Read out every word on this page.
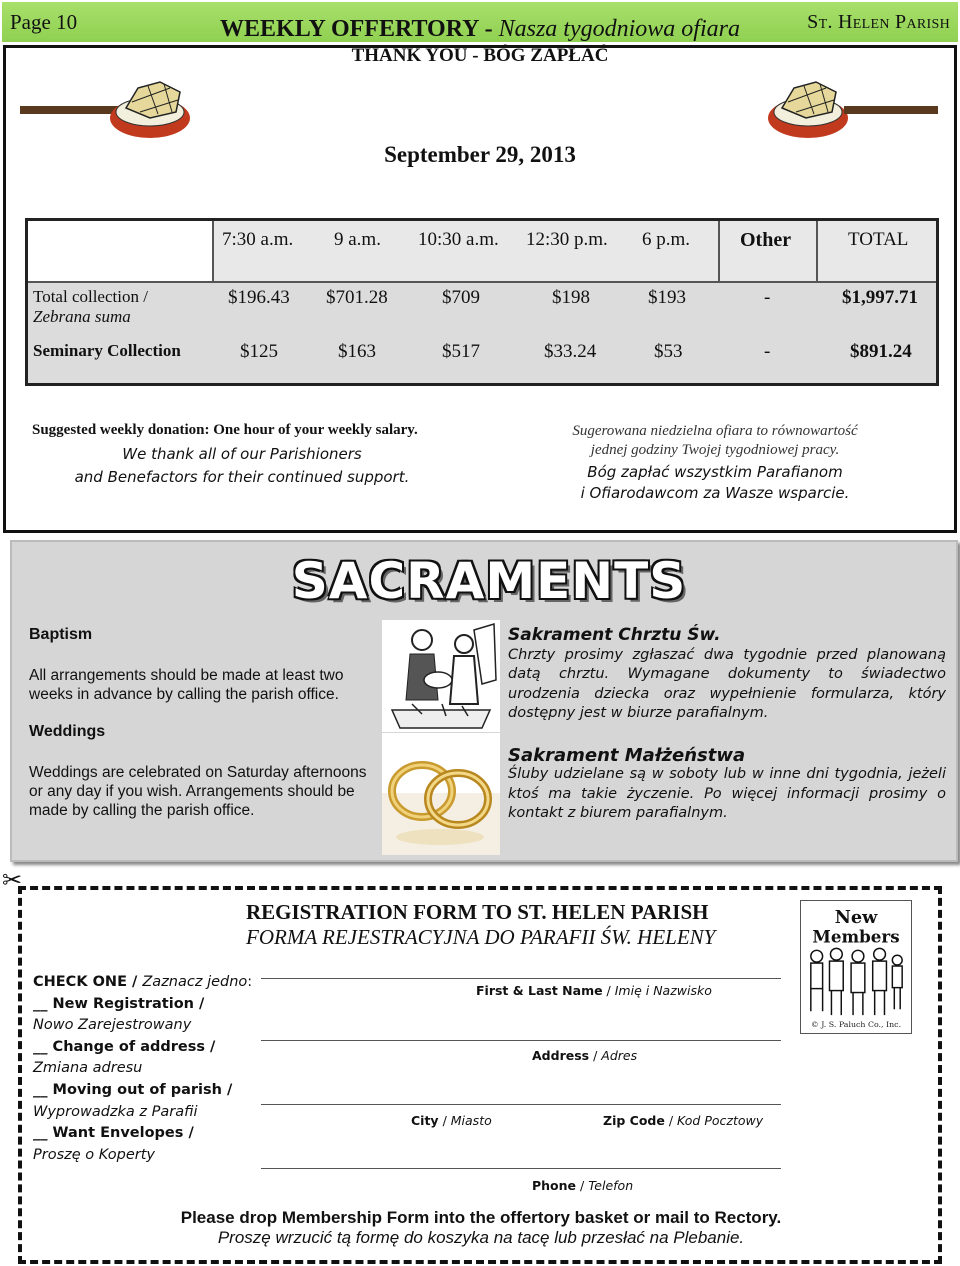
Page 10	St. Helen Parish
WEEKLY OFFERTORY - Nasza tygodniowa ofiara
THANK YOU - BÓG ZAPŁAĆ
September 29, 2013
7:30 a.m. 9 a.m. 10:30 a.m. 12:30 p.m. 6 p.m. Other	TOTAL
Total collection /
Zebrana suma
$196.43 $701.28	$709	$198	$193	-	$1,997.71
Seminary Collection	$125	$163	$517	$33.24	$53	-	$891.24
Suggested weekly donation: One hour of your weekly salary.
We thank all of our Parishioners
and Benefactors for their continued support.
Sugerowana niedzielna ofiara to równowartość
jednej godziny Twojej tygodniowej pracy.
Bóg zapłać wszystkim Parafianom
i Ofiarodawcom za Wasze wsparcie.
SACRAMENTS
Baptism

All arrangements should be made at least two weeks in advance by calling the parish office.

Weddings

Weddings are celebrated on Saturday afternoons or any day if you wish. Arrangements should be made by calling the parish office.

Sakrament Chrztu Św.

Chrzty prosimy zgłaszać dwa tygodnie przed planowaną datą chrztu. Wymagane dokumenty to świadectwo urodzenia dziecka oraz wypełnienie formularza, który dostępny jest w biurze parafialnym.

Sakrament Małżeństwa

Śluby udzielane są w soboty lub w inne dni tygodnia, jeżeli ktoś ma takie życzenie. Po więcej informacji prosimy o kontakt z biurem parafialnym.

✂
REGISTRATION FORM TO ST. HELEN PARISH
FORMA REJESTRACYJNA DO PARAFII ŚW. HELENY
New
Members
© J. S. Paluch Co., Inc.
CHECK ONE / Zaznacz jedno:
__ New Registration /
Nowo Zarejestrowany
__ Change of address /
Zmiana adresu
__ Moving out of parish /
Wyprowadzka z Parafii
__ Want Envelopes /
Proszę o Koperty
First & Last Name / Imię i Nazwisko
Address / Adres
City / Miasto	Zip Code / Kod Pocztowy
Phone / Telefon
Please drop Membership Form into the offertory basket or mail to Rectory.
Proszę wrzucić tą formę do koszyka na tacę lub przesłać na Plebanie.
